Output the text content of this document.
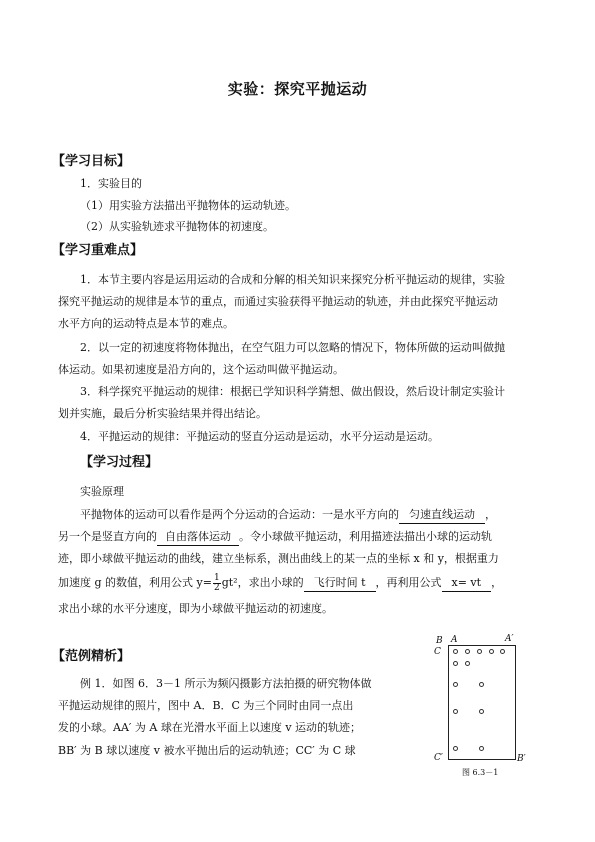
实验：探究平抛运动
【学习目标】
1．实验目的
（1）用实验方法描出平抛物体的运动轨迹。
（2）从实验轨迹求平抛物体的初速度。
【学习重难点】
1．本节主要内容是运用运动的合成和分解的相关知识来探究分析平抛运动的规律，实验
探究平抛运动的规律是本节的重点，而通过实验获得平抛运动的轨迹，并由此探究平抛运动
水平方向的运动特点是本节的难点。
2．以一定的初速度将物体抛出，在空气阻力可以忽略的情况下，物体所做的运动叫做抛
体运动。如果初速度是沿方向的，这个运动叫做平抛运动。
3．科学探究平抛运动的规律：根据已学知识科学猜想、做出假设，然后设计制定实验计
划并实施，最后分析实验结果并得出结论。
4．平抛运动的规律：平抛运动的竖直分运动是运动，水平分运动是运动。
【学习过程】
实验原理
平抛物体的运动可以看作是两个分运动的合运动：一是水平方向的 匀速直线运动 ，
另一个是竖直方向的 自由落体运动 。令小球做平抛运动，利用描迹法描出小球的运动轨
迹，即小球做平抛运动的曲线，建立坐标系，测出曲线上的某一点的坐标 x 和 y，根据重力
加速度 g 的数值，利用公式 $y= \frac{1}{2} gt^2$，求出小球的 飞行时间 t ，再利用公式 x= vt ，
求出小球的水平分速度，即为小球做平抛运动的初速度。
【范例精析】
例 1．如图 6．3－1 所示为频闪摄影方法拍摄的研究物体做
平抛运动规律的照片，图中 A．B．C 为三个同时由同一点出
发的小球。AA′ 为 A 球在光滑水平面上以速度 v 运动的轨迹；
BB′ 为 B 球以速度 v 被水平抛出后的运动轨迹；CC′ 为 C 球
B A	A′
C
C′	B′
图 6.3－1
